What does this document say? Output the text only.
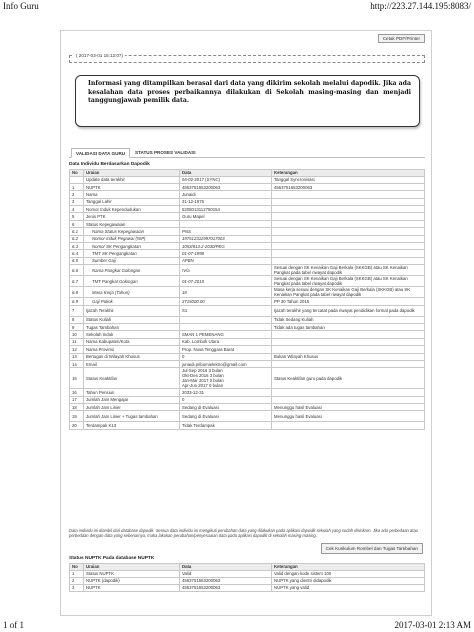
Info Guru	http://223.27.144.195:8083/
Cetak PDF/Printer
( 2017-03-01 15:12:07)
Informasi yang ditampilkan berasal dari data yang dikirim sekolah melalui dapodik. Jika ada kesalahan data proses perbaikannya dilakukan di Sekolah masing-masing dan menjadi tanggungjawab pemilik data.
VALIDASI DATA GURU	STATUS PROSES VALIDASI
Data Individu Berdasarkan Dapodik
No	Uraian	Data	Keterangan
	Update data terakhir	04-02-2017 (SYNC)	Tanggal Syncronisasi
1	NUPTK	4563751653200063	4563751653200063
2	Nama	Junaidi	
3	Tanggal Lahir	31-12-1975	
4	Nomor Induk Kependudukan	5208013112750154	
5	Jenis PTK	Guru Mapel	
6	Status Kepegawaian		
6.1	Nama Status Kepegawaian	PNS	
6.2	Nomor Induk Pegawai (NIP)	197512311997017003	
6.3	Nomor SK Pengangkatan	1053/813.2-2030/PEG	
6.4	TMT SK Pengangkatan	01-07-1998	
6.5	Sumber Gaji	APBN	
6.6	Nama Pangkat Golongan	IV/a	Sesuai dengan SK Kenaikan Gaji Berkala (SKKGB) atau SK Kenaikan Pangkat pada tabel riwayat dapodik
6.7	TMT Pangkat Golongan	01-07-2015	Sesuai dengan SK Kenaikan Gaji Berkala (SKKGB) atau SK Kenaikan Pangkat pada tabel riwayat dapodik
6.8	Masa Kerja (Tahun)	18	Masa kerja sesuai dengan SK Kenaikan Gaji Berkala (SKKGB) atau SK Kenaikan Pangkat pada tabel riwayat dapodik
6.9	Gaji Pokok	3715000.00	PP 30 Tahun 2015
7	Ijazah Terakhir	S1	Ijazah terakhir yang tercatat pada riwayat pendidikan formal pada dapodik
8	Status Kuliah		Tidak Sedang Kuliah
9	Tugas Tambahan		Tidak ada tugas tambahan
10	Sekolah Induk	SMAN 1 PEMENANG	
11	Nama Kabupaten/Kota	Kab. Lombok Utara	
12	Nama Provinsi	Prop. Nusa Tenggara Barat	
13	Bertugas di Wilayah Khusus	0	Bukan Wilayah Khusus
14	Email	junaidi.pribumielektro@gmail.com	
15	Status Keaktifan	Jul-Sep 2016 3 bulan
Okt-Des 2016 3 bulan
Jan-Mar 2017 0 bulan
Apr-Jun 2017 0 bulan	Status Keaktifan guru pada dapodik
16	Tahun Pensiun	2033-12-31	
17	Jumlah Jam Mengajar	0	
18	Jumlah Jam Linier	Sedang di Evaluasi	Menunggu hasil Evaluasi
19	Jumlah Jam Linier + Tugas tambahan	Sedang di Evaluasi	Menunggu hasil Evaluasi
20	Terdampak K13	Tidak Terdampak	
Data individu ini diambil dari database dapodik. Semua data individu ini mengikuti perubahan data yang dilakukan pada aplikasi dapodik sekolah yang sudah disinkron. Jika ada perbedaan atau perbedaan dengan data yang sebenarnya, maka lakukan perubahan/penyesuaian data pada aplikasi dapodik di sekolah masing-masing.
Cek Kurikulum Rombel dan Tugas Tambahan
Status NUPTK Pada database NUPTK
No	Uraian	Data	Keterangan
1	Status NUPTK	Valid	Valid dengan kode sistem 100
2	NUPTK (dapodik)	4563751653200063	NUPTK yang dientri didapodik
3	NUPTK	4563751653200063	NUPTK yang valid
1 of 1	2017-03-01 2:13 AM
